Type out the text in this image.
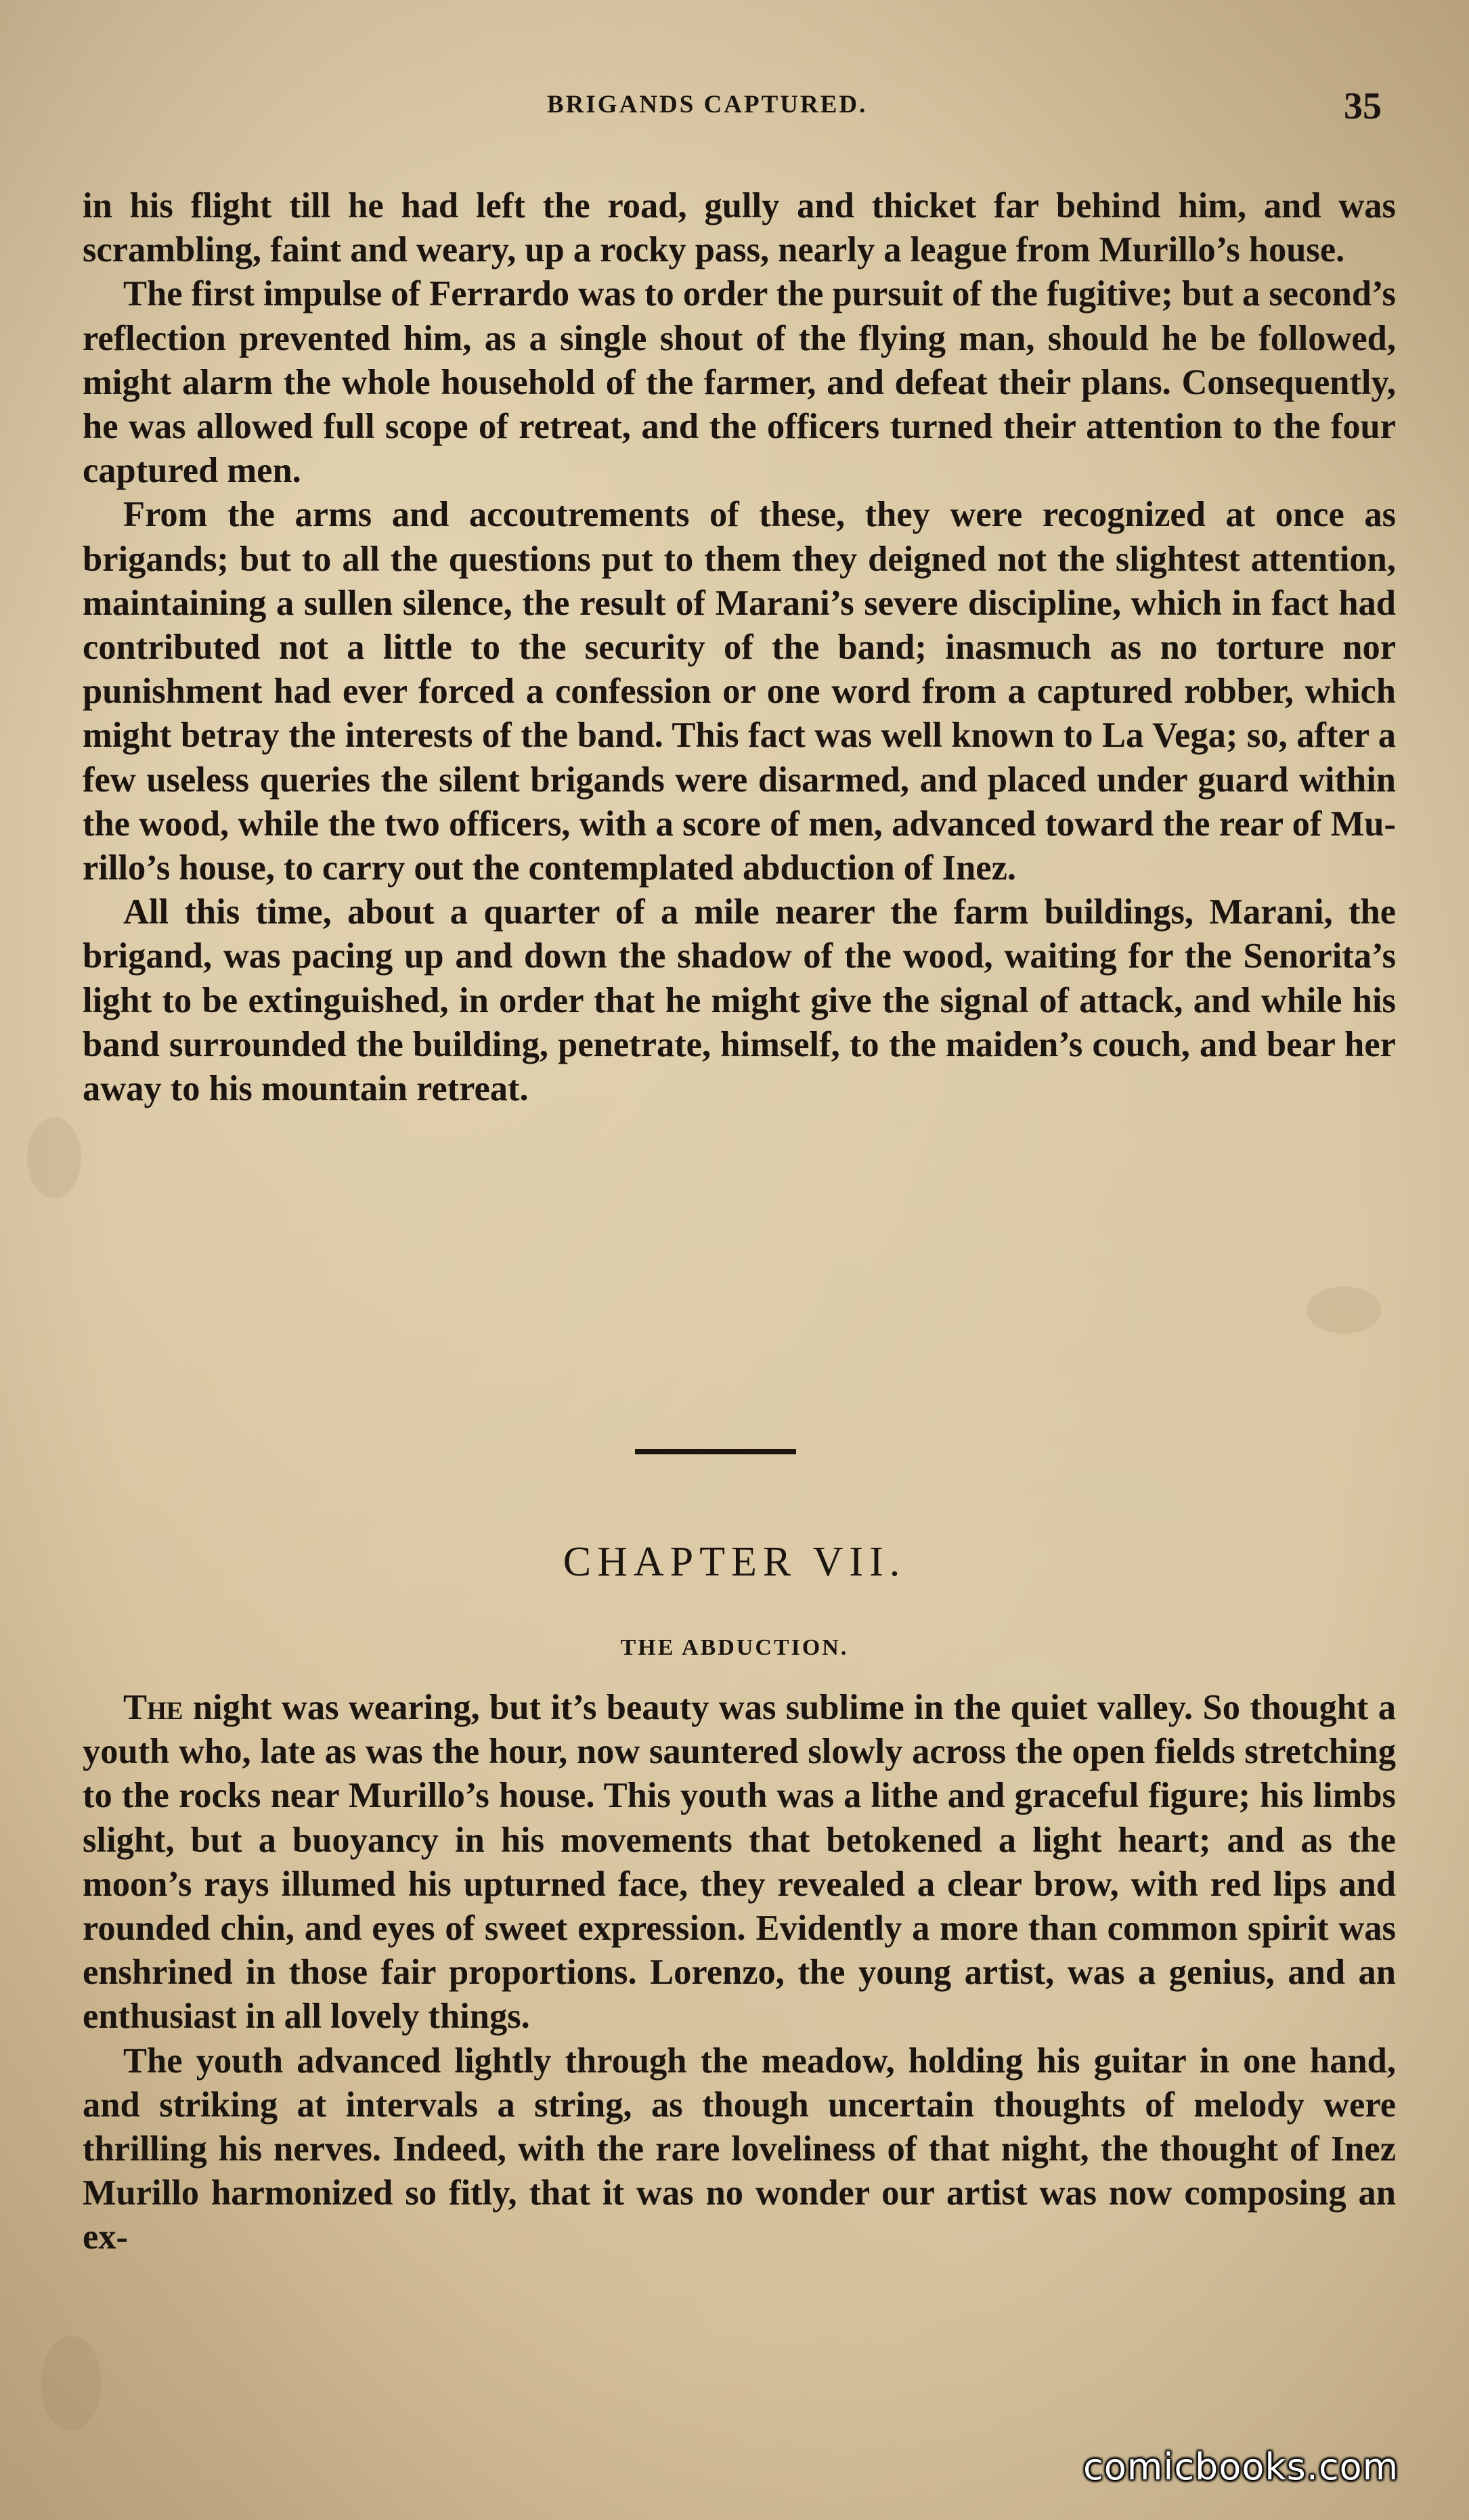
BRIGANDS CAPTURED.	35

in his flight till he had left the road, gully and thicket far behind him, and was scrambling, faint and weary, up a rocky pass, nearly a league from Murillo’s house.

The first impulse of Ferrardo was to order the pursuit of the fugitive; but a second’s reflection prevented him, as a single shout of the flying man, should he be followed, might alarm the whole household of the farmer, and defeat their plans. Consequently, he was allowed full scope of retreat, and the officers turned their attention to the four captured men.

From the arms and accoutrements of these, they were recognized at once as brigands; but to all the questions put to them they deigned not the slightest attention, maintaining a sullen silence, the result of Marani’s severe discipline, which in fact had contributed not a little to the security of the band; inasmuch as no torture nor punishment had ever forced a confession or one word from a captured robber, which might betray the interests of the band. This fact was well known to La Vega; so, after a few useless queries the silent brigands were disarmed, and placed under guard within the wood, while the two officers, with a score of men, advanced toward the rear of Murillo’s house, to carry out the contemplated abduction of Inez.

All this time, about a quarter of a mile nearer the farm buildings, Marani, the brigand, was pacing up and down the shadow of the wood, waiting for the Senorita’s light to be extinguished, in order that he might give the signal of attack, and while his band surrounded the building, penetrate, himself, to the maiden’s couch, and bear her away to his mountain retreat.

CHAPTER VII.
THE ABDUCTION.

The night was wearing, but it’s beauty was sublime in the quiet valley. So thought a youth who, late as was the hour, now sauntered slowly across the open fields stretching to the rocks near Murillo’s house. This youth was a lithe and graceful figure; his limbs slight, but a buoyancy in his movements that betokened a light heart; and as the moon’s rays illumed his upturned face, they revealed a clear brow, with red lips and rounded chin, and eyes of sweet expression. Evidently a more than common spirit was enshrined in those fair proportions. Lorenzo, the young artist, was a genius, and an enthusiast in all lovely things.

The youth advanced lightly through the meadow, holding his guitar in one hand, and striking at intervals a string, as though uncertain thoughts of melody were thrilling his nerves. Indeed, with the rare loveliness of that night, the thought of Inez Murillo harmonized so fitly, that it was no wonder our artist was now composing an ex-

comicbooks.com
